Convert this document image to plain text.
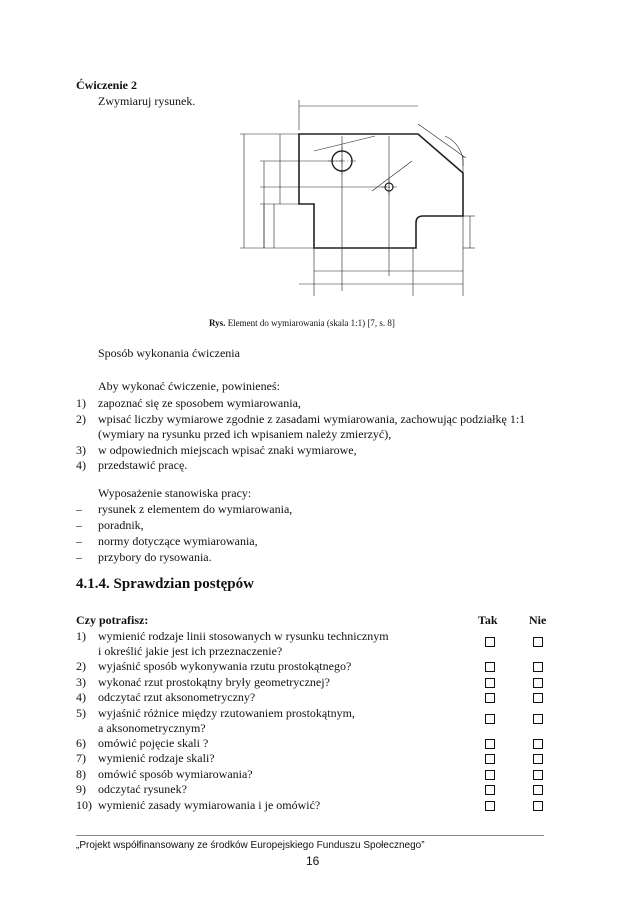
Ćwiczenie 2
Zwymiaruj rysunek.
Rys. Element do wymiarowania (skala 1:1) [7, s. 8]
Sposób wykonania ćwiczenia
Aby wykonać ćwiczenie, powinieneś:
1) zapoznać się ze sposobem wymiarowania,
2) wpisać liczby wymiarowe zgodnie z zasadami wymiarowania, zachowując podziałkę 1:1
(wymiary na rysunku przed ich wpisaniem należy zmierzyć),
3) w odpowiednich miejscach wpisać znaki wymiarowe,
4) przedstawić pracę.
Wyposażenie stanowiska pracy:
– rysunek z elementem do wymiarowania,
– poradnik,
– normy dotyczące wymiarowania,
– przybory do rysowania.
4.1.4. Sprawdzian postępów
Czy potrafisz:	Tak	Nie
1) wymienić rodzaje linii stosowanych w rysunku technicznym
i określić jakie jest ich przeznaczenie?
2) wyjaśnić sposób wykonywania rzutu prostokątnego?
3) wykonać rzut prostokątny bryły geometrycznej?
4) odczytać rzut aksonometryczny?
5) wyjaśnić różnice między rzutowaniem prostokątnym,
a aksonometrycznym?
6) omówić pojęcie skali ?
7) wymienić rodzaje skali?
8) omówić sposób wymiarowania?
9) odczytać rysunek?
10) wymienić zasady wymiarowania i je omówić?
„Projekt współfinansowany ze środków Europejskiego Funduszu Społecznego”
16
